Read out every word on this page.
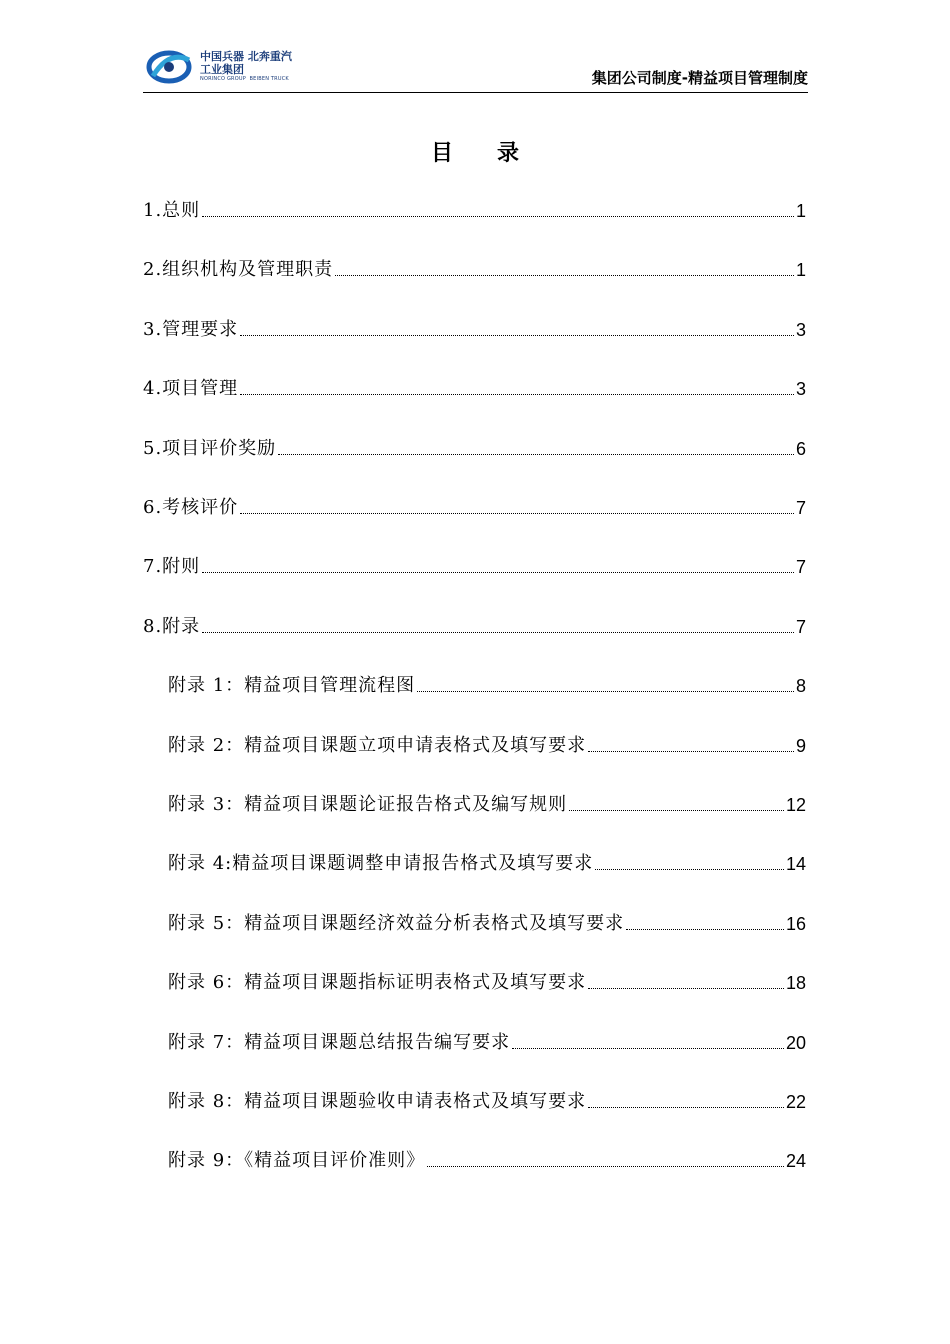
中国兵器 北奔重汽
工业集团
NORINCO GROUP BEIBEN TRUCK	集团公司制度-精益项目管理制度
目　　录
1.总则	1
2.组织机构及管理职责	1
3.管理要求	3
4.项目管理	3
5.项目评价奖励	6
6.考核评价	7
7.附则	7
8.附录	7
附录 1：精益项目管理流程图	8
附录 2：精益项目课题立项申请表格式及填写要求	9
附录 3：精益项目课题论证报告格式及编写规则	12
附录 4:精益项目课题调整申请报告格式及填写要求	14
附录 5：精益项目课题经济效益分析表格式及填写要求	16
附录 6：精益项目课题指标证明表格式及填写要求	18
附录 7：精益项目课题总结报告编写要求	20
附录 8：精益项目课题验收申请表格式及填写要求	22
附录 9：《精益项目评价准则》	24
